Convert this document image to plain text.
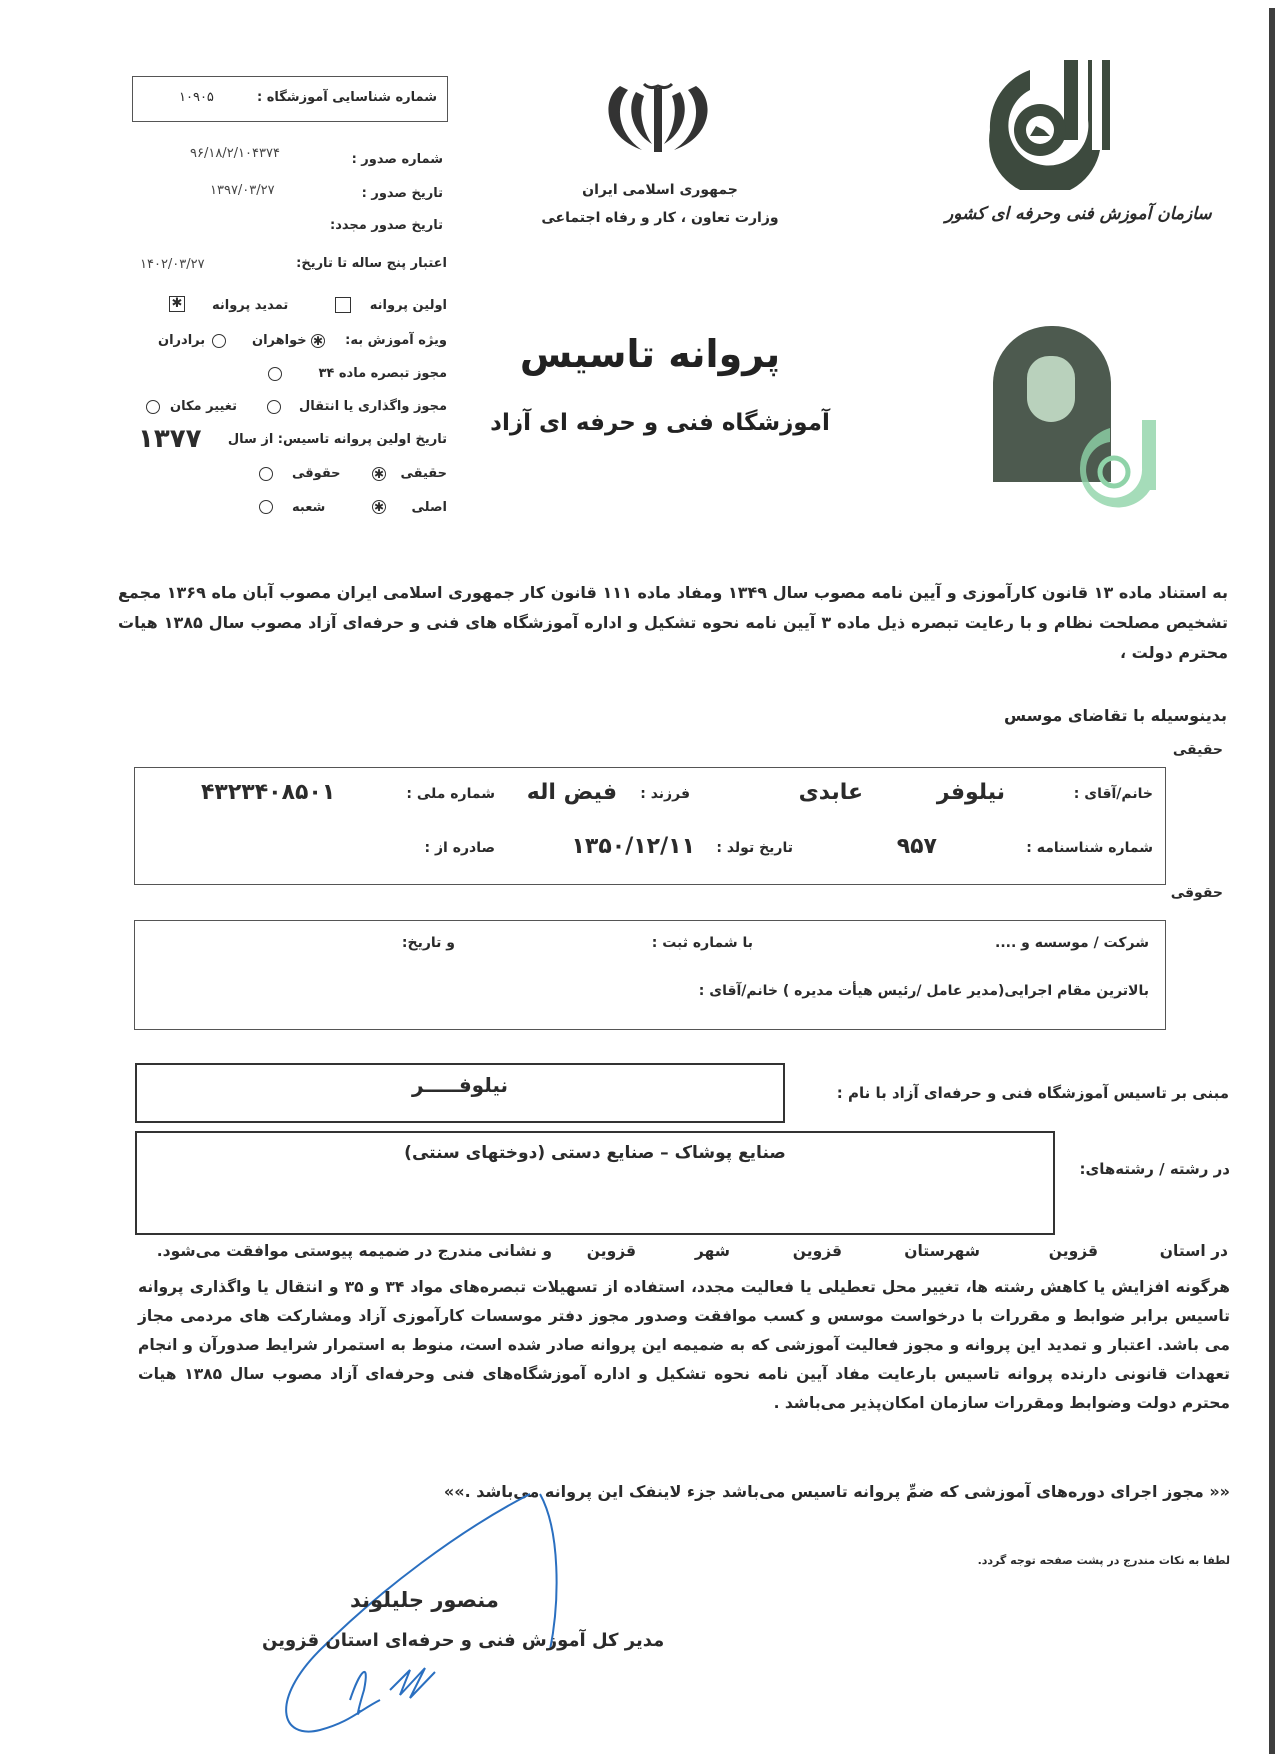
شماره شناسایی آموزشگاه :
۱۰۹۰۵
شماره صدور :
۹۶/۱۸/۲/۱۰۴۳۷۴
تاریخ صدور :
۱۳۹۷/۰۳/۲۷
تاریخ صدور مجدد:
اعتبار پنج ساله تا تاریخ:
۱۴۰۲/۰۳/۲۷
اولین پروانه
تمدید پروانه
✱
ویژه آموزش به:
✱
خواهران
برادران
مجوز تبصره ماده ۳۴
مجوز واگذاری یا انتقال
تغییر مکان
تاریخ اولین پروانه تاسیس: از سال
۱۳۷۷
حقیقی
✱
حقوقی
اصلی
✱
شعبه
جمهوری اسلامی ایران
وزارت تعاون ، کار و رفاه اجتماعی	سازمان آموزش فنی وحرفه ای کشور
پروانه تاسیس
آموزشگاه فنی و حرفه ای آزاد
به استناد ماده ۱۳ قانون کارآموزی و آیین نامه مصوب سال ۱۳۴۹ ومفاد ماده ۱۱۱ قانون کار جمهوری اسلامی ایران مصوب آبان ماه ۱۳۶۹ مجمع تشخیص مصلحت نظام و با رعایت تبصره ذیل ماده ۳ آیین نامه نحوه تشکیل و اداره آموزشگاه های فنی و حرفه‌ای آزاد مصوب سال ۱۳۸۵ هیات محترم دولت ،
بدینوسیله با تقاضای موسس
حقیقی
خانم/آقای :
نیلوفر
عابدی
فرزند :
فیض اله
شماره ملی :
۴۳۲۳۴۰۸۵۰۱
شماره شناسنامه :
۹۵۷
تاریخ تولد :
۱۳۵۰/۱۲/۱۱
صادره از :
حقوقی
شرکت / موسسه و ....
با شماره ثبت :
و تاریخ:
بالاترین مقام اجرایی(مدیر عامل /رئیس هیأت مدیره ) خانم/آقای :
مبنی بر تاسیس آموزشگاه فنی و حرفه‌ای آزاد با نام :
نیلوفـــــر
در رشته / رشته‌های:
صنایع پوشاک – صنایع دستی (دوختهای سنتی)
در استان
قزوین
شهرستان
قزوین
شهر
قزوین
و نشانی مندرج در ضمیمه پیوستی موافقت می‌شود.
هرگونه افزایش یا کاهش رشته ها، تغییر محل تعطیلی یا فعالیت مجدد، استفاده از تسهیلات تبصره‌های مواد ۳۴ و ۳۵ و انتقال یا واگذاری پروانه تاسیس برابر ضوابط و مقررات با درخواست موسس و کسب موافقت وصدور مجوز دفتر موسسات کارآموزی آزاد ومشارکت های مردمی مجاز می باشد. اعتبار و تمدید این پروانه و مجوز فعالیت آموزشی که به ضمیمه این پروانه صادر شده است، منوط به استمرار شرایط صدورآن و انجام تعهدات قانونی دارنده پروانه تاسیس بارعایت مفاد آیین نامه نحوه تشکیل و اداره آموزشگاه‌های فنی وحرفه‌ای آزاد مصوب سال ۱۳۸۵ هیات محترم دولت وضوابط ومقررات سازمان امکان‌پذیر می‌باشد .
«« مجوز اجرای دوره‌های آموزشی که ضمِّ پروانه تاسیس می‌باشد جزء لاینفک این پروانه می‌باشد .»»
لطفا به نکات مندرج در پشت صفحه توجه گردد.
منصور جلیلوند
مدیر کل آموزش فنی و حرفه‌ای استان قزوین
